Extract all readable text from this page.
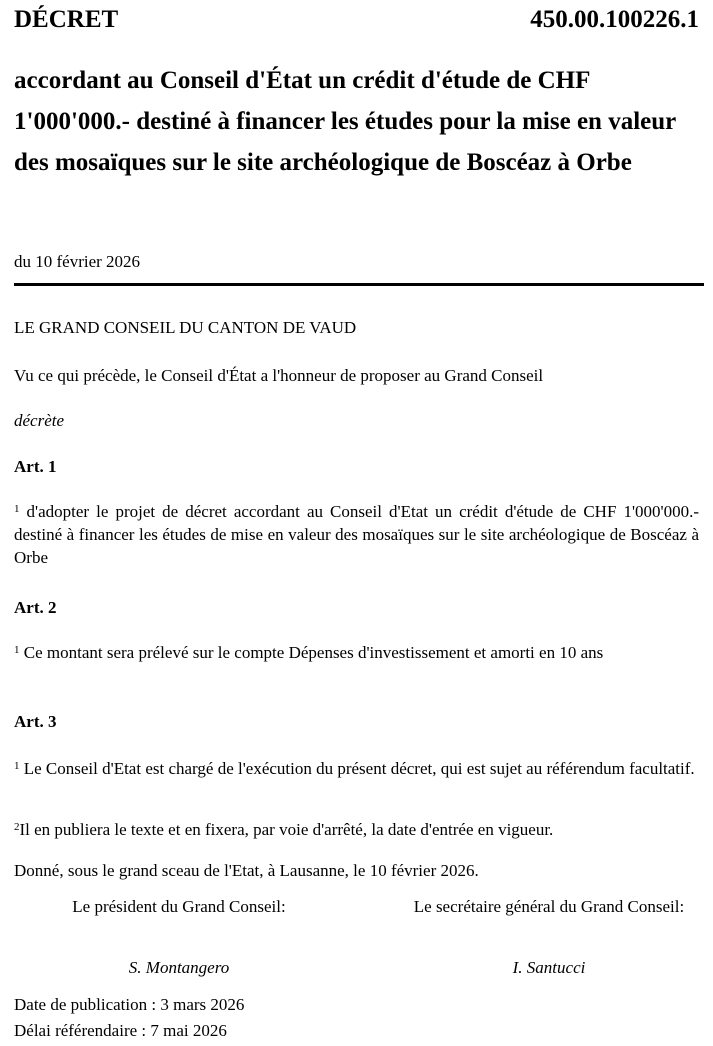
DÉCRET	450.00.100226.1
accordant au Conseil d'État un crédit d'étude de CHF 1'000'000.- destiné à financer les études pour la mise en valeur des mosaïques sur le site archéologique de Boscéaz à Orbe
du 10 février 2026
LE GRAND CONSEIL DU CANTON DE VAUD
Vu ce qui précède, le Conseil d'État a l'honneur de proposer au Grand Conseil
décrète
Art. 1
$^1$ d'adopter le projet de décret accordant au Conseil d'Etat un crédit d'étude de CHF 1'000'000.- destiné à financer les études de mise en valeur des mosaïques sur le site archéologique de Boscéaz à Orbe
Art. 2
$^1$ Ce montant sera prélevé sur le compte Dépenses d'investissement et amorti en 10 ans
Art. 3
$^1$ Le Conseil d'Etat est chargé de l'exécution du présent décret, qui est sujet au référendum facultatif.
$^2$Il en publiera le texte et en fixera, par voie d'arrêté, la date d'entrée en vigueur.
Donné, sous le grand sceau de l'Etat, à Lausanne, le 10 février 2026.
Le président du Grand Conseil:	Le secrétaire général du Grand Conseil:
S. Montangero	I. Santucci
Date de publication : 3 mars 2026
Délai référendaire : 7 mai 2026
